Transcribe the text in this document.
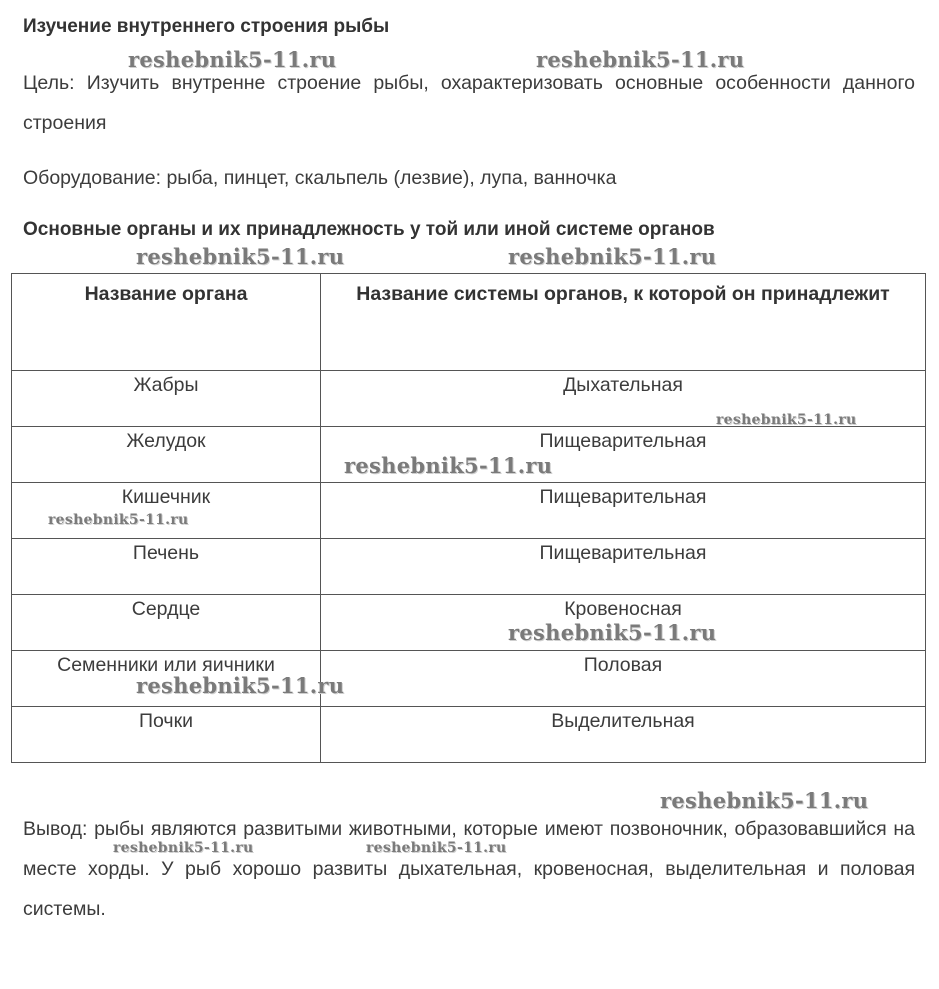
Изучение внутреннего строения рыбы

Цель: Изучить внутренне строение рыбы, охарактеризовать основные особенности данного строения

Оборудование: рыба, пинцет, скальпель (лезвие), лупа, ванночка

Основные органы и их принадлежность у той или иной системе органов
Название органа	Название системы органов, к которой он принадлежит
Жабры	Дыхательная
Желудок	Пищеварительная
Кишечник	Пищеварительная
Печень	Пищеварительная
Сердце	Кровеносная
Семенники или яичники	Половая
Почки	Выделительная

Вывод: рыбы являются развитыми животными, которые имеют позвоночник, образовавшийся на месте хорды. У рыб хорошо развиты дыхательная, кровеносная, выделительная и половая системы.

reshebnik5-11.ru	reshebnik5-11.ru
reshebnik5-11.ru	reshebnik5-11.ru
reshebnik5-11.ru
reshebnik5-11.ru
reshebnik5-11.ru
reshebnik5-11.ru
reshebnik5-11.ru
reshebnik5-11.ru
reshebnik5-11.ru	reshebnik5-11.ru
